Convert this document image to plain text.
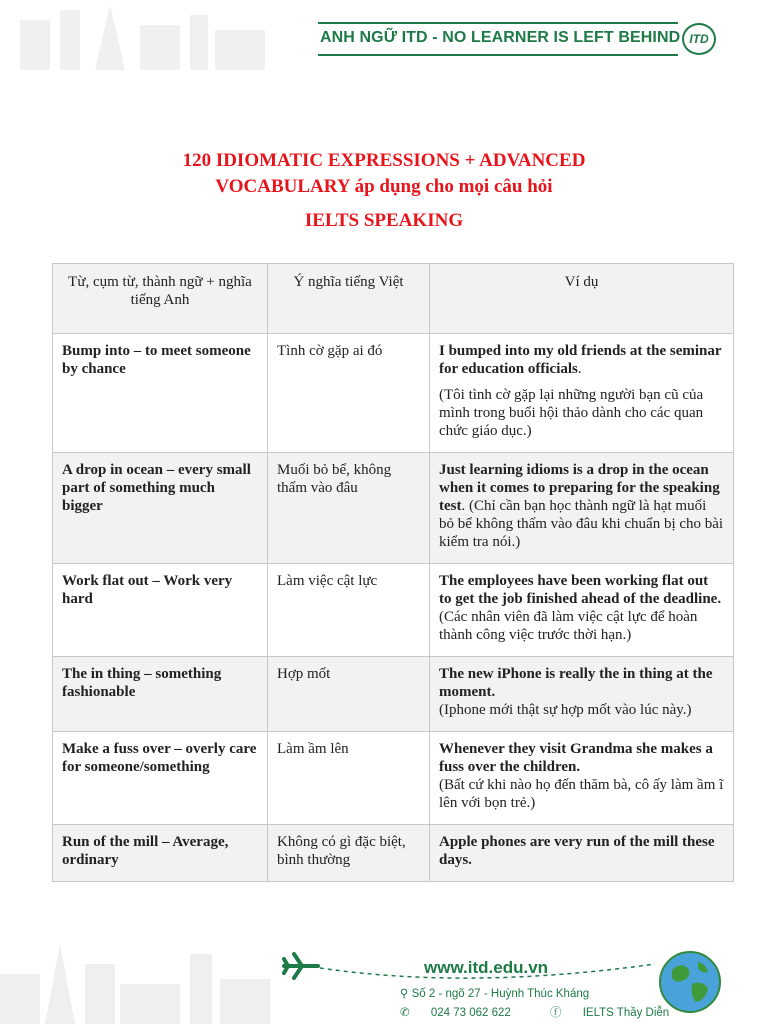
ANH NGỮ ITD - NO LEARNER IS LEFT BEHIND ITD
120 IDIOMATIC EXPRESSIONS + ADVANCED
VOCABULARY áp dụng cho mọi câu hỏi
IELTS SPEAKING
Từ, cụm từ, thành ngữ + nghĩa tiếng Anh	Ý nghĩa tiếng Việt	Ví dụ
Bump into – to meet someone by chance	Tình cờ gặp ai đó	I bumped into my old friends at the seminar for education officials.
(Tôi tình cờ gặp lại những người bạn cũ của mình trong buổi hội thảo dành cho các quan chức giáo dục.)

A drop in ocean – every small part of something much bigger	Muối bỏ bể, không thấm vào đâu	Just learning idioms is a drop in the ocean when it comes to preparing for the speaking test. (Chỉ cần bạn học thành ngữ là hạt muối bỏ bể không thấm vào đâu khi chuẩn bị cho bài kiểm tra nói.)
Work flat out – Work very hard	Làm việc cật lực	The employees have been working flat out to get the job finished ahead of the deadline. (Các nhân viên đã làm việc cật lực để hoàn thành công việc trước thời hạn.)
The in thing – something fashionable	Hợp mốt	The new iPhone is really the in thing at the moment.
(Iphone mới thật sự hợp mốt vào lúc này.)
Make a fuss over – overly care for someone/something	Làm ầm lên	Whenever they visit Grandma she makes a fuss over the children.
(Bất cứ khi nào họ đến thăm bà, cô ấy làm ầm ĩ lên với bọn trẻ.)
Run of the mill – Average, ordinary	Không có gì đặc biệt, bình thường	Apple phones are very run of the mill these days.
www.itd.edu.vn
⚲ Số 2 - ngõ 27 - Huỳnh Thúc Kháng
✆ 024 73 062 622	ⓕ IELTS Thầy Diễn
